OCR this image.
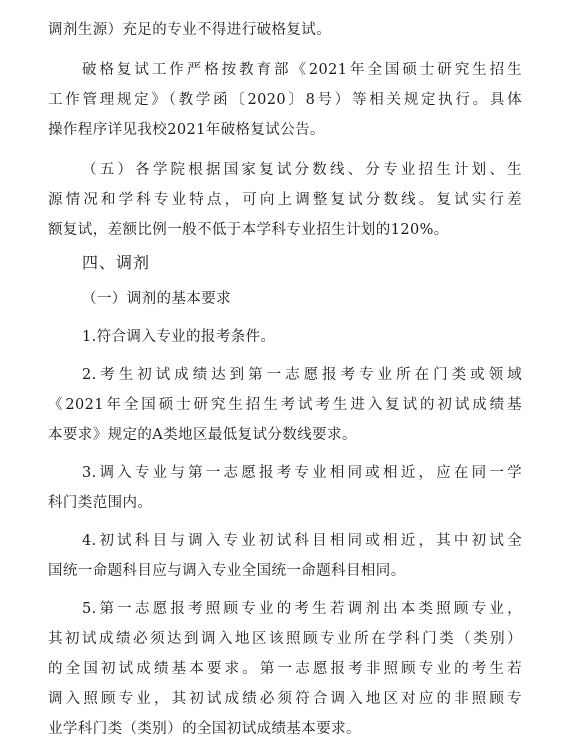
调剂生源）充足的专业不得进行破格复试。
破格复试工作严格按教育部《2021年全国硕士研究生招生
工作管理规定》（教学函〔2020〕8号）等相关规定执行。具体
操作程序详见我校2021年破格复试公告。
（五）各学院根据国家复试分数线、分专业招生计划、生
源情况和学科专业特点，可向上调整复试分数线。复试实行差
额复试，差额比例一般不低于本学科专业招生计划的120%。
四、调剂
（一）调剂的基本要求
1.符合调入专业的报考条件。
2.考生初试成绩达到第一志愿报考专业所在门类或领域
《2021年全国硕士研究生招生考试考生进入复试的初试成绩基
本要求》规定的A类地区最低复试分数线要求。
3.调入专业与第一志愿报考专业相同或相近，应在同一学
科门类范围内。
4.初试科目与调入专业初试科目相同或相近，其中初试全
国统一命题科目应与调入专业全国统一命题科目相同。
5.第一志愿报考照顾专业的考生若调剂出本类照顾专业，
其初试成绩必须达到调入地区该照顾专业所在学科门类（类别）
的全国初试成绩基本要求。第一志愿报考非照顾专业的考生若
调入照顾专业，其初试成绩必须符合调入地区对应的非照顾专
业学科门类（类别）的全国初试成绩基本要求。
